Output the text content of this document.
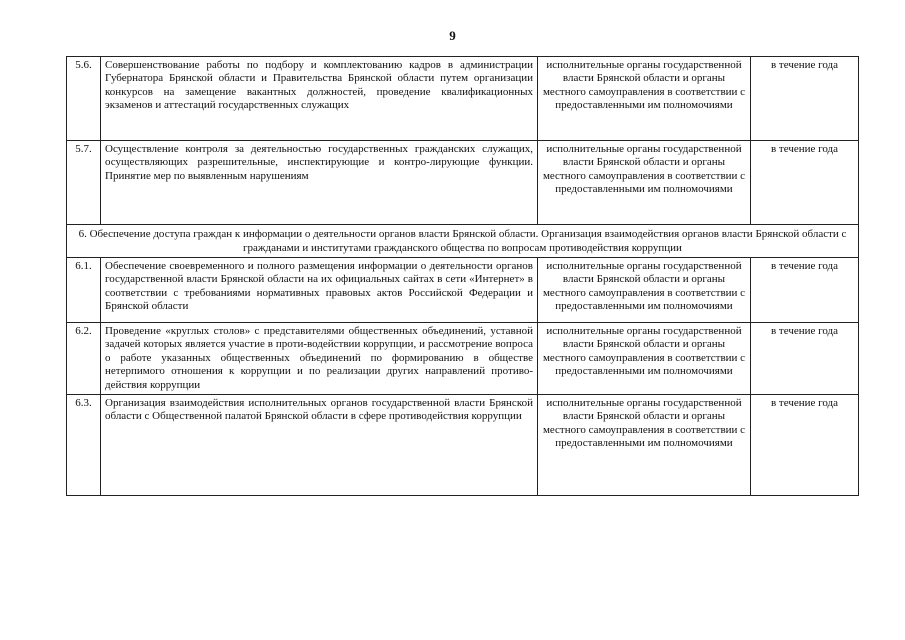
9
5.6.	Совершенствование работы по подбору и комплектованию кадров в администрации Губернатора Брянской области и Правительства Брянской области путем организации конкурсов на замещение вакантных должностей, проведение квалификационных экзаменов и аттестаций государственных служащих	исполнительные органы государственной власти Брянской области и органы местного самоуправления в соответствии с предоставленными им полномочиями	в течение года
5.7.	Осуществление контроля за деятельностью государственных гражданских служащих, осуществляющих разрешительные, инспектирующие и контро-лирующие функции. Принятие мер по выявленным нарушениям	исполнительные органы государственной власти Брянской области и органы местного самоуправления в соответствии с предоставленными им полномочиями	в течение года
6. Обеспечение доступа граждан к информации о деятельности органов власти Брянской области. Организация взаимодействия органов власти Брянской области с гражданами и институтами гражданского общества по вопросам противодействия коррупции			
6.1.	Обеспечение своевременного и полного размещения информации о деятельности органов государственной власти Брянской области на их официальных сайтах в сети «Интернет» в соответствии с требованиями нормативных правовых актов Российской Федерации и Брянской области	исполнительные органы государственной власти Брянской области и органы местного самоуправления в соответствии с предоставленными им полномочиями	в течение года
6.2.	Проведение «круглых столов» с представителями общественных объединений, уставной задачей которых является участие в проти-водействии коррупции, и рассмотрение вопроса о работе указанных общественных объединений по формированию в обществе нетерпимого отношения к коррупции и по реализации других направлений противо-действия коррупции	исполнительные органы государственной власти Брянской области и органы местного самоуправления в соответствии с предоставленными им полномочиями	в течение года
6.3.	Организация взаимодействия исполнительных органов государственной власти Брянской области с Общественной палатой Брянской области в сфере противодействия коррупции	исполнительные органы государственной власти Брянской области и органы местного самоуправления в соответствии с предоставленными им полномочиями	в течение года
